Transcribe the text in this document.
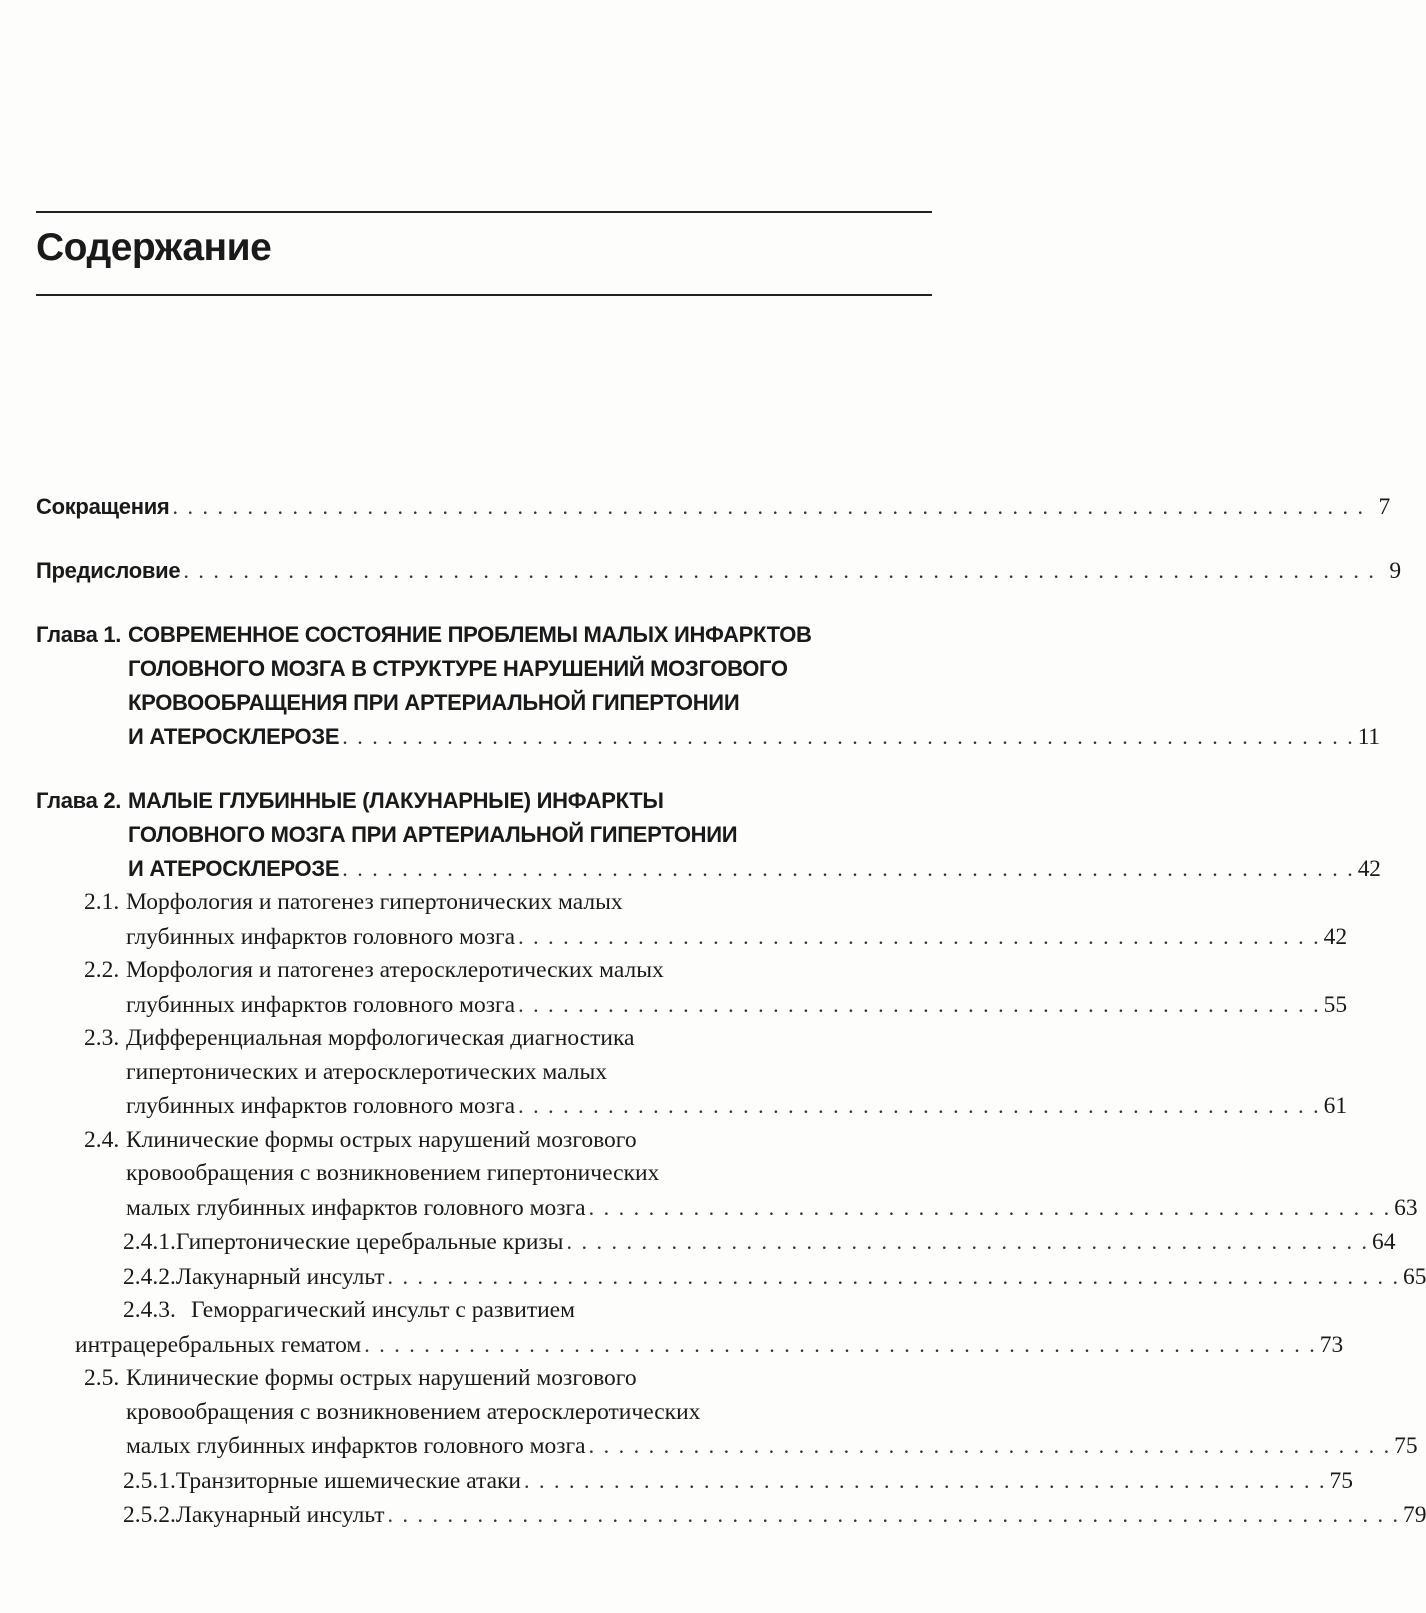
Содержание
Сокращения . . . . . . . . . . . . . . . . . . . . . . . . . . . . . . . . . . . . . . . . . . . . . . . . . . . . . . . . . . . . . . . . . . . . . . . . . . . . . . . . 7
Предисловие . . . . . . . . . . . . . . . . . . . . . . . . . . . . . . . . . . . . . . . . . . . . . . . . . . . . . . . . . . . . . . . . . . . . . . . . . . . . . . . . 9
Глава 1. СОВРЕМЕННОЕ СОСТОЯНИЕ ПРОБЛЕМЫ МАЛЫХ ИНФАРКТОВ
ГОЛОВНОГО МОЗГА В СТРУКТУРЕ НАРУШЕНИЙ МОЗГОВОГО
КРОВООБРАЩЕНИЯ ПРИ АРТЕРИАЛЬНОЙ ГИПЕРТОНИИ
И АТЕРОСКЛЕРОЗЕ . . . . . . . . . . . . . . . . . . . . . . . . . . . . . . . . . . . . . . . . . . . . . . . . . . . . . . . . . . . . . . . . . . . . 11
Глава 2. МАЛЫЕ ГЛУБИННЫЕ (ЛАКУНАРНЫЕ) ИНФАРКТЫ
ГОЛОВНОГО МОЗГА ПРИ АРТЕРИАЛЬНОЙ ГИПЕРТОНИИ
И АТЕРОСКЛЕРОЗЕ . . . . . . . . . . . . . . . . . . . . . . . . . . . . . . . . . . . . . . . . . . . . . . . . . . . . . . . . . . . . . . . . . . . . 42
2.1. Морфология и патогенез гипертонических малых
глубинных инфарктов головного мозга . . . . . . . . . . . . . . . . . . . . . . . . . . . . . . . . . . . . . . . . . . . . . . . . . . . . . . 42
2.2. Морфология и патогенез атеросклеротических малых
глубинных инфарктов головного мозга . . . . . . . . . . . . . . . . . . . . . . . . . . . . . . . . . . . . . . . . . . . . . . . . . . . . . . 55
2.3. Дифференциальная морфологическая диагностика
гипертонических и атеросклеротических малых
глубинных инфарктов головного мозга . . . . . . . . . . . . . . . . . . . . . . . . . . . . . . . . . . . . . . . . . . . . . . . . . . . . . . 61
2.4. Клинические формы острых нарушений мозгового
кровообращения с возникновением гипертонических
малых глубинных инфарктов головного мозга . . . . . . . . . . . . . . . . . . . . . . . . . . . . . . . . . . . . . . . . . . . . . . . . . . . . . . 63
2.4.1. Гипертонические церебральные кризы . . . . . . . . . . . . . . . . . . . . . . . . . . . . . . . . . . . . . . . . . . . . . . . . . . . . . . 64
2.4.2. Лакунарный инсульт . . . . . . . . . . . . . . . . . . . . . . . . . . . . . . . . . . . . . . . . . . . . . . . . . . . . . . . . . . . . . . . . . . . . 65
2.4.3. Геморрагический инсульт с развитием
интрацеребральных гематом . . . . . . . . . . . . . . . . . . . . . . . . . . . . . . . . . . . . . . . . . . . . . . . . . . . . . . . . . . . . . . . . 73
2.5. Клинические формы острых нарушений мозгового
кровообращения с возникновением атеросклеротических
малых глубинных инфарктов головного мозга . . . . . . . . . . . . . . . . . . . . . . . . . . . . . . . . . . . . . . . . . . . . . . . . . . . . . . 75
2.5.1. Транзиторные ишемические атаки . . . . . . . . . . . . . . . . . . . . . . . . . . . . . . . . . . . . . . . . . . . . . . . . . . . . . . 75
2.5.2. Лакунарный инсульт . . . . . . . . . . . . . . . . . . . . . . . . . . . . . . . . . . . . . . . . . . . . . . . . . . . . . . . . . . . . . . . . . . . . 79
